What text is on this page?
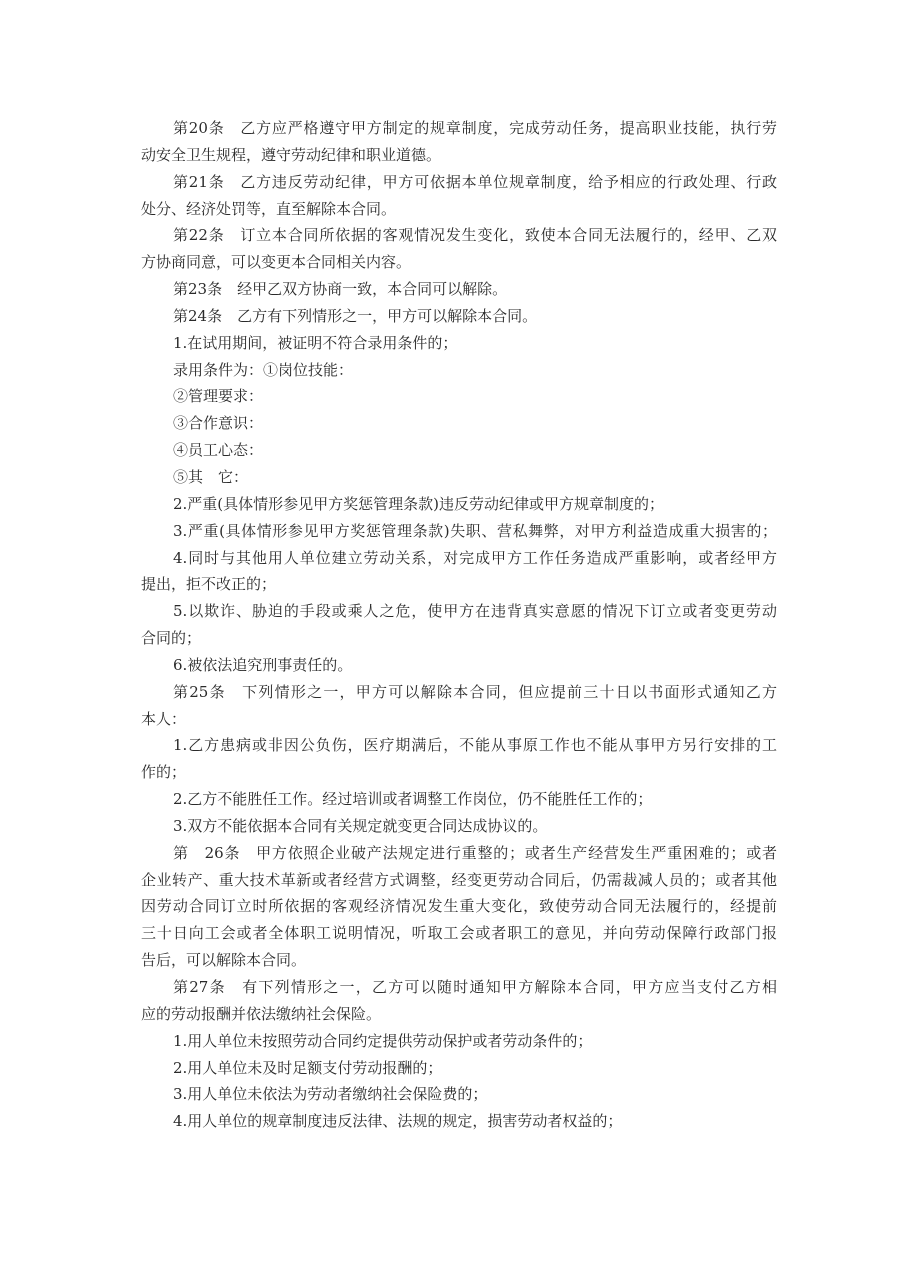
第20条　乙方应严格遵守甲方制定的规章制度，完成劳动任务，提高职业技能，执行劳
动安全卫生规程，遵守劳动纪律和职业道德。
第21条　乙方违反劳动纪律，甲方可依据本单位规章制度，给予相应的行政处理、行政
处分、经济处罚等，直至解除本合同。
第22条　订立本合同所依据的客观情况发生变化，致使本合同无法履行的，经甲、乙双
方协商同意，可以变更本合同相关内容。
第23条　经甲乙双方协商一致，本合同可以解除。
第24条　乙方有下列情形之一，甲方可以解除本合同。
1.在试用期间，被证明不符合录用条件的；
录用条件为：①岗位技能：
②管理要求：
③合作意识：
④员工心态：
⑤其　它：
2.严重(具体情形参见甲方奖惩管理条款)违反劳动纪律或甲方规章制度的；
3.严重(具体情形参见甲方奖惩管理条款)失职、营私舞弊，对甲方利益造成重大损害的；
4.同时与其他用人单位建立劳动关系，对完成甲方工作任务造成严重影响，或者经甲方
提出，拒不改正的；
5.以欺诈、胁迫的手段或乘人之危，使甲方在违背真实意愿的情况下订立或者变更劳动
合同的；
6.被依法追究刑事责任的。
第25条　下列情形之一，甲方可以解除本合同，但应提前三十日以书面形式通知乙方
本人：
1.乙方患病或非因公负伤，医疗期满后，不能从事原工作也不能从事甲方另行安排的工
作的；
2.乙方不能胜任工作。经过培训或者调整工作岗位，仍不能胜任工作的；
3.双方不能依据本合同有关规定就变更合同达成协议的。
第　26条　甲方依照企业破产法规定进行重整的；或者生产经营发生严重困难的；或者
企业转产、重大技术革新或者经营方式调整，经变更劳动合同后，仍需裁减人员的；或者其他
因劳动合同订立时所依据的客观经济情况发生重大变化，致使劳动合同无法履行的，经提前
三十日向工会或者全体职工说明情况，听取工会或者职工的意见，并向劳动保障行政部门报
告后，可以解除本合同。
第27条　有下列情形之一，乙方可以随时通知甲方解除本合同，甲方应当支付乙方相
应的劳动报酬并依法缴纳社会保险。
1.用人单位未按照劳动合同约定提供劳动保护或者劳动条件的；
2.用人单位未及时足额支付劳动报酬的；
3.用人单位未依法为劳动者缴纳社会保险费的；
4.用人单位的规章制度违反法律、法规的规定，损害劳动者权益的；
